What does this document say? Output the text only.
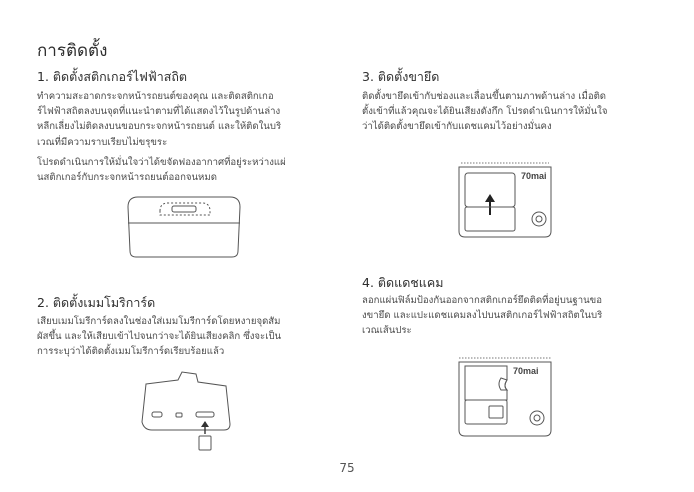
การติดตั้ง
1. ติดตั้งสติกเกอร์ไฟฟ้าสถิต

ทำความสะอาดกระจกหน้ารถยนต์ของคุณ และติดสติกเกอ

ร์ไฟฟ้าสถิตลงบนจุดที่แนะนำตามที่ได้แสดงไว้ในรูปด้านล่าง

หลีกเลี่ยงไม่ติดลงบนขอบกระจกหน้ารถยนต์ และให้ติดในบริ

เวณที่มีความราบเรียบไม่ขรุขระ

โปรดดำเนินการให้มั่นใจว่าได้ขจัดฟองอากาศที่อยู่ระหว่างแผ่

นสติกเกอร์กับกระจกหน้ารถยนต์ออกจนหมด

2. ติดตั้งเมมโมริการ์ด

เสียบเมมโมรีการ์ดลงในช่องใส่เมมโมรีการ์ดโดยหงายจุดสัม

ผัสขึ้น และให้เสียบเข้าไปจนกว่าจะได้ยินเสียงคลิก ซึ่งจะเป็น

การระบุว่าได้ติดตั้งเมมโมรีการ์ดเรียบร้อยแล้ว

3. ติดตั้งขายึด

ติดตั้งขายึดเข้ากับช่องและเลื่อนขึ้นตามภาพด้านล่าง เมื่อติด

ตั้งเข้าที่แล้วคุณจะได้ยินเสียงดังกึก โปรดดำเนินการให้มั่นใจ

ว่าได้ติดตั้งขายึดเข้ากับแดชแคมไว้อย่างมั่นคง

70mai
4. ติดแดชแคม

ลอกแผ่นฟิล์มป้องกันออกจากสติกเกอร์ยึดติดที่อยู่บนฐานขอ

งขายึด และแปะแดชแคมลงไปบนสติกเกอร์ไฟฟ้าสถิตในบริ

เวณเส้นประ

70mai
75
